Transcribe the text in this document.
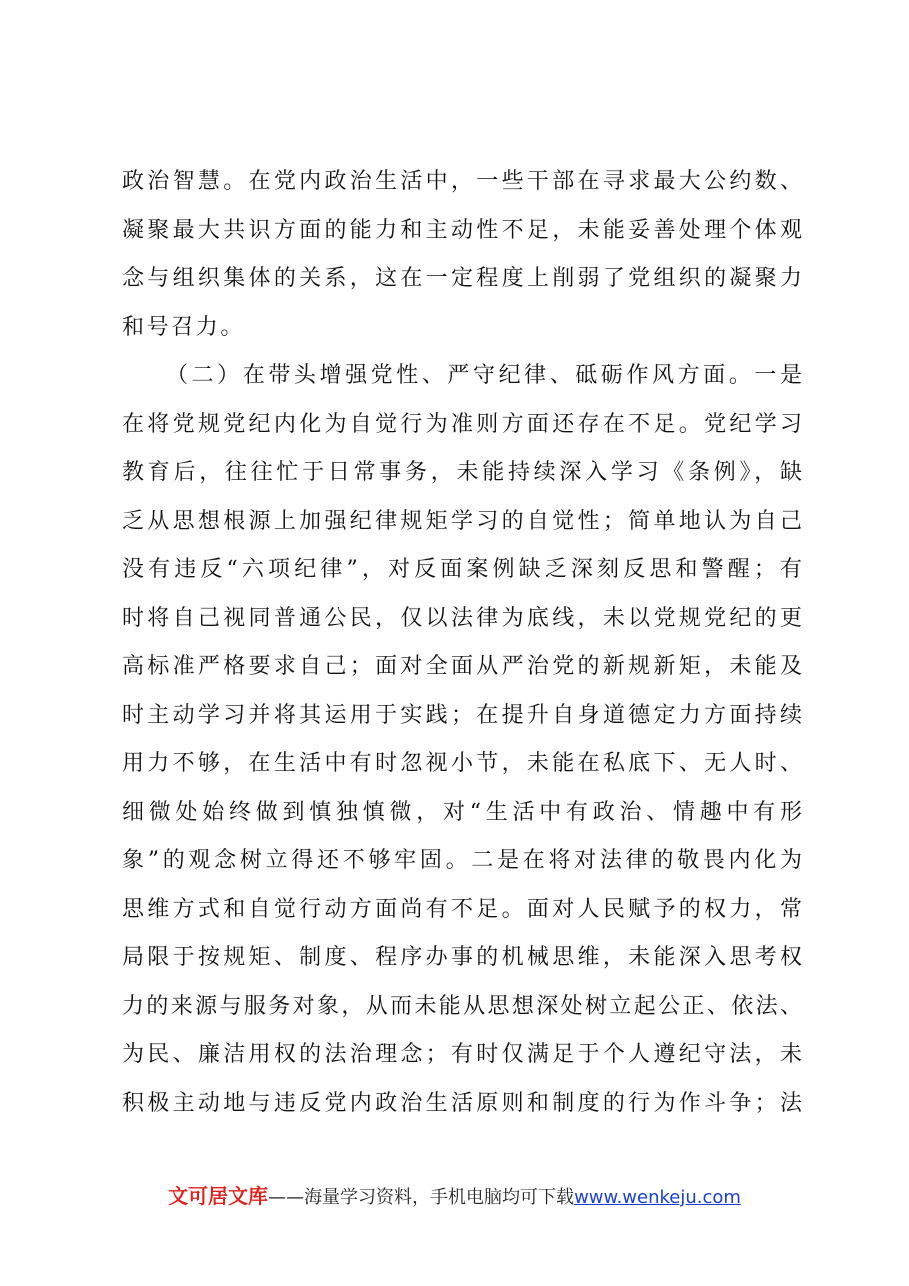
政治智慧。在党内政治生活中，一些干部在寻求最大公约数、
凝聚最大共识方面的能力和主动性不足，未能妥善处理个体观
念与组织集体的关系，这在一定程度上削弱了党组织的凝聚力
和号召力。
（二）在带头增强党性、严守纪律、砥砺作风方面。一是
在将党规党纪内化为自觉行为准则方面还存在不足。党纪学习
教育后，往往忙于日常事务，未能持续深入学习《条例》，缺
乏从思想根源上加强纪律规矩学习的自觉性；简单地认为自己
没有违反“六项纪律”，对反面案例缺乏深刻反思和警醒；有
时将自己视同普通公民，仅以法律为底线，未以党规党纪的更
高标准严格要求自己；面对全面从严治党的新规新矩，未能及
时主动学习并将其运用于实践；在提升自身道德定力方面持续
用力不够，在生活中有时忽视小节，未能在私底下、无人时、
细微处始终做到慎独慎微，对“生活中有政治、情趣中有形
象”的观念树立得还不够牢固。二是在将对法律的敬畏内化为
思维方式和自觉行动方面尚有不足。面对人民赋予的权力，常
局限于按规矩、制度、程序办事的机械思维，未能深入思考权
力的来源与服务对象，从而未能从思想深处树立起公正、依法、
为民、廉洁用权的法治理念；有时仅满足于个人遵纪守法，未
积极主动地与违反党内政治生活原则和制度的行为作斗争；法
文可居文库——海量学习资料，手机电脑均可下载www.wenkeju.com
